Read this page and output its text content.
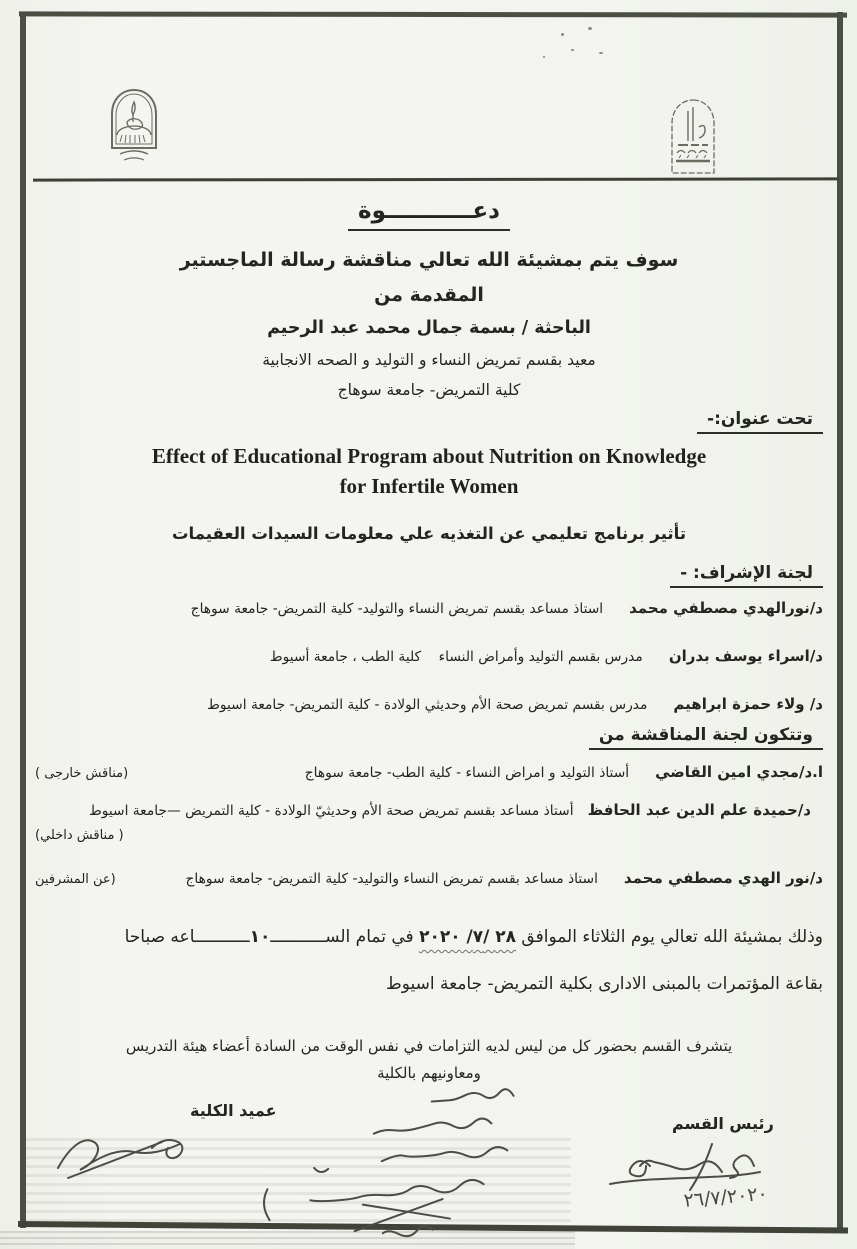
دعـــــــــــوة
سوف يتم بمشيئة الله تعالي مناقشة رسالة الماجستير
المقدمة من
الباحثة / بسمة جمال محمد عبد الرحيم
معيد بقسم تمريض النساء و التوليد و الصحه الانجابية
كلية التمريض- جامعة سوهاج
تحت عنوان:-
Effect of Educational Program about Nutrition on Knowledge
for Infertile Women
تأثير برنامج تعليمي عن التغذيه علي معلومات السيدات العقيمات
لجنة الإشراف: -
د/نورالهدي مصطفي محمد
استاذ مساعد بقسم تمريض النساء والتوليد- كلية التمريض- جامعة سوهاج
د/اسراء يوسف بدران
مدرس بقسم التوليد وأمراض النساء    كلية الطب ، جامعة أسيوط
د/ ولاء حمزة ابراهيم
مدرس بقسم تمريض صحة الأم وحديثي الولادة - كلية التمريض- جامعة اسيوط
وتتكون لجنة المناقشة من
ا.د/مجدي امين القاضي
أستاذ التوليد و امراض النساء - كلية الطب- جامعة سوهاج
(مناقش خارجى )
د/حميدة علم الدين عبد الحافظ
أستاذ مساعد بقسم تمريض صحة الأم وحديثيّ الولادة - كلية التمريض —جامعة اسيوط
( مناقش داخلي)
د/نور الهدي مصطفي محمد
استاذ مساعد بقسم تمريض النساء والتوليد- كلية التمريض- جامعة سوهاج
(عن المشرفين
وذلك بمشيئة الله تعالي يوم الثلاثاء الموافق ٢٨ /٧/ ٢٠٢٠ في تمام الســـــــــــ١٠ـــــــــــاعه صباحا
بقاعة المؤتمرات بالمبنى الادارى بكلية التمريض- جامعة اسيوط
يتشرف القسم بحضور كل من ليس لديه التزامات في نفس الوقت من السادة أعضاء هيئة التدريس
ومعاونيهم بالكلية
عميد الكلية
رئيس القسم
٢٦/٧/٢٠٢٠
